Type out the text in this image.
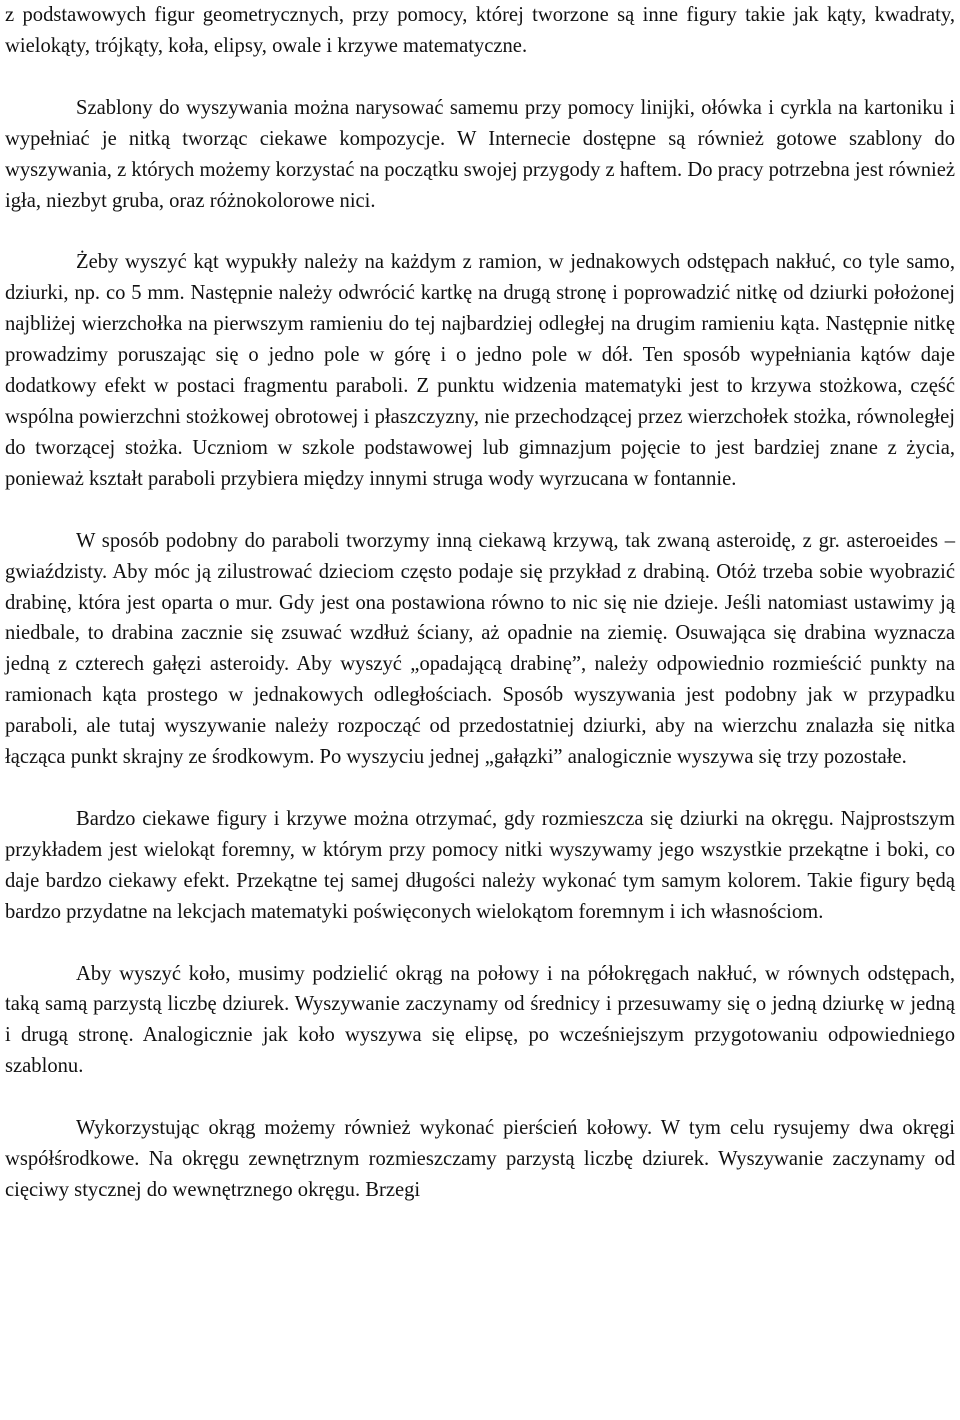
z podstawowych figur geometrycznych, przy pomocy, której tworzone są inne figury takie jak kąty, kwadraty, wielokąty, trójkąty, koła, elipsy, owale i krzywe matematyczne.

Szablony do wyszywania można narysować samemu przy pomocy linijki, ołówka i cyrkla na kartoniku i wypełniać je nitką tworząc ciekawe kompozycje. W Internecie dostępne są również gotowe szablony do wyszywania, z których możemy korzystać na początku swojej przygody z haftem. Do pracy potrzebna jest również igła, niezbyt gruba, oraz różnokolorowe nici.

Żeby wyszyć kąt wypukły należy na każdym z ramion, w jednakowych odstępach nakłuć, co tyle samo, dziurki, np. co 5 mm. Następnie należy odwrócić kartkę na drugą stronę i poprowadzić nitkę od dziurki położonej najbliżej wierzchołka na pierwszym ramieniu do tej najbardziej odległej na drugim ramieniu kąta. Następnie nitkę prowadzimy poruszając się o jedno pole w górę i o jedno pole w dół. Ten sposób wypełniania kątów daje dodatkowy efekt w postaci fragmentu paraboli. Z punktu widzenia matematyki jest to krzywa stożkowa, część wspólna powierzchni stożkowej obrotowej i płaszczyzny, nie przechodzącej przez wierzchołek stożka, równoległej do tworzącej stożka. Uczniom w szkole podstawowej lub gimnazjum pojęcie to jest bardziej znane z życia, ponieważ kształt paraboli przybiera między innymi struga wody wyrzucana w fontannie.

W sposób podobny do paraboli tworzymy inną ciekawą krzywą, tak zwaną asteroidę, z gr. asteroeides – gwiaździsty. Aby móc ją zilustrować dzieciom często podaje się przykład z drabiną. Otóż trzeba sobie wyobrazić drabinę, która jest oparta o mur. Gdy jest ona postawiona równo to nic się nie dzieje. Jeśli natomiast ustawimy ją niedbale, to drabina zacznie się zsuwać wzdłuż ściany, aż opadnie na ziemię. Osuwająca się drabina wyznacza jedną z czterech gałęzi asteroidy. Aby wyszyć „opadającą drabinę”, należy odpowiednio rozmieścić punkty na ramionach kąta prostego w jednakowych odległościach. Sposób wyszywania jest podobny jak w przypadku paraboli, ale tutaj wyszywanie należy rozpocząć od przedostatniej dziurki, aby na wierzchu znalazła się nitka łącząca punkt skrajny ze środkowym. Po wyszyciu jednej „gałązki” analogicznie wyszywa się trzy pozostałe.

Bardzo ciekawe figury i krzywe można otrzymać, gdy rozmieszcza się dziurki na okręgu. Najprostszym przykładem jest wielokąt foremny, w którym przy pomocy nitki wyszywamy jego wszystkie przekątne i boki, co daje bardzo ciekawy efekt. Przekątne tej samej długości należy wykonać tym samym kolorem. Takie figury będą bardzo przydatne na lekcjach matematyki poświęconych wielokątom foremnym i ich własnościom.

Aby wyszyć koło, musimy podzielić okrąg na połowy i na półokręgach nakłuć, w równych odstępach, taką samą parzystą liczbę dziurek. Wyszywanie zaczynamy od średnicy i przesuwamy się o jedną dziurkę w jedną i drugą stronę. Analogicznie jak koło wyszywa się elipsę, po wcześniejszym przygotowaniu odpowiedniego szablonu.

Wykorzystując okrąg możemy również wykonać pierścień kołowy. W tym celu rysujemy dwa okręgi współśrodkowe. Na okręgu zewnętrznym rozmieszczamy parzystą liczbę dziurek. Wyszywanie zaczynamy od cięciwy stycznej do wewnętrznego okręgu. Brzegi
